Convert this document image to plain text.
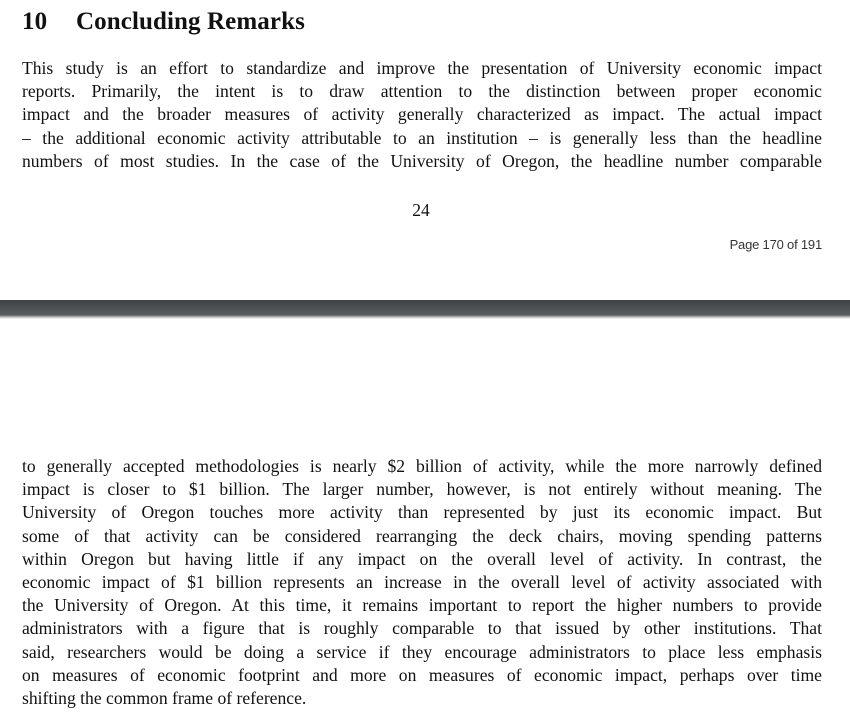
10 Concluding Remarks
This study is an effort to standardize and improve the presentation of University economic impact
reports. Primarily, the intent is to draw attention to the distinction between proper economic
impact and the broader measures of activity generally characterized as impact. The actual impact
– the additional economic activity attributable to an institution – is generally less than the headline
numbers of most studies. In the case of the University of Oregon, the headline number comparable
24
Page 170 of 191
to generally accepted methodologies is nearly $2 billion of activity, while the more narrowly defined
impact is closer to $1 billion. The larger number, however, is not entirely without meaning. The
University of Oregon touches more activity than represented by just its economic impact. But
some of that activity can be considered rearranging the deck chairs, moving spending patterns
within Oregon but having little if any impact on the overall level of activity. In contrast, the
economic impact of $1 billion represents an increase in the overall level of activity associated with
the University of Oregon. At this time, it remains important to report the higher numbers to provide
administrators with a figure that is roughly comparable to that issued by other institutions. That
said, researchers would be doing a service if they encourage administrators to place less emphasis
on measures of economic footprint and more on measures of economic impact, perhaps over time
shifting the common frame of reference.
